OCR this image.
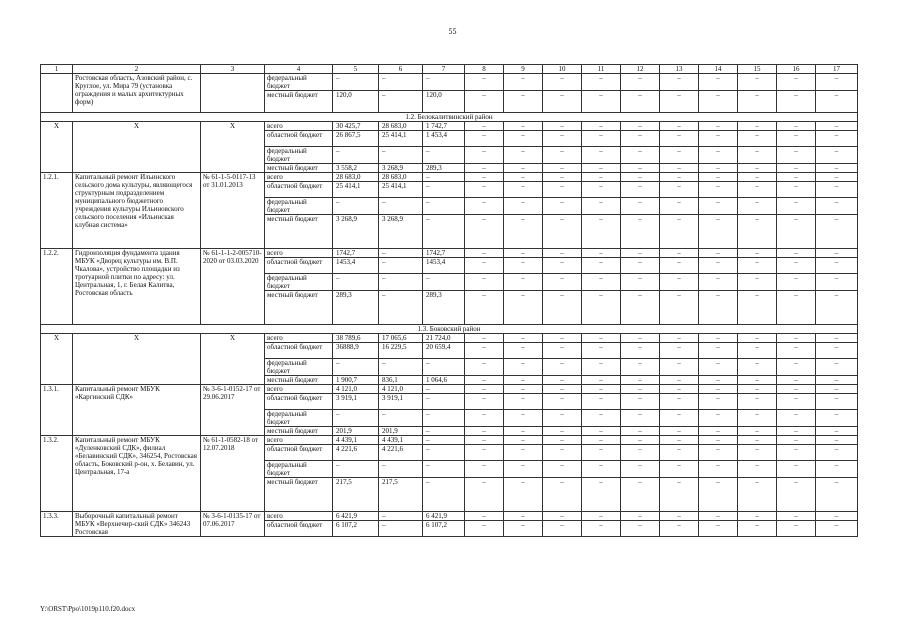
55
1	2	3	4	5	6	7	8	9	10	11	12	13	14	15	16	17
	Ростовская область, Азовский район, с. Круглое, ул. Мира 79 (установка ограждения и малых архитектурных форм)		федеральный бюджет	–	–	–	–	–	–	–	–	–	–	–	–	–
			местный бюджет	120,0	–	120,0	–	–	–	–	–	–	–	–	–	–
1.2. Белокалитвинский район																
Х	Х	Х	всего	30 425,7	28 683,0	1 742,7	–	–	–	–	–	–	–	–	–	–
			областной бюджет	26 867,5	25 414,1	1 453,4	–	–	–	–	–	–	–	–	–	–
			федеральный бюджет	–	–	–	–	–	–	–	–	–	–	–	–	–
			местный бюджет	3 558,2	3 268,9	289,3	–	–	–	–	–	–	–	–	–	–
1.2.1.	Капитальный ремонт Ильинского сельского дома культуры, являющегося структурным подразделением муниципального бюджетного учреждения культуры Ильиновского сельского поселения «Ильинская клубная система»	№ 61-1-5-0117-13 от 31.01.2013	всего	28 683,0	28 683,0	–	–	–	–	–	–	–	–	–	–	–
			областной бюджет	25 414,1	25 414,1	–	–	–	–	–	–	–	–	–	–	–
			федеральный бюджет	–	–	–	–	–	–	–	–	–	–	–	–	–
			местный бюджет	3 268,9	3 268,9	–	–	–	–	–	–	–	–	–	–	–
1.2.2.	Гидроизоляция фундамента здания МБУК «Дворец культуры им. В.П. Чкалова», устройство площадки из тротуарной плитки по адресу: ул. Центральная, 1, г. Белая Калитва, Ростовская область	№ 61-1-1-2-005710-2020 от 03.03.2020	всего	1742,7	–	1742,7	–	–	–	–	–	–	–	–	–	–
			областной бюджет	1453,4	–	1453,4	–	–	–	–	–	–	–	–	–	–
			федеральный бюджет	–	–	–	–	–	–	–	–	–	–	–	–	–
			местный бюджет	289,3	–	289,3	–	–	–	–	–	–	–	–	–	–
1.3. Боковский район																
Х	Х	Х	всего	38 789,6	17 065,6	21 724,0	–	–	–	–	–	–	–	–	–	–
			областной бюджет	36888,9	16 229,5	20 659,4	–	–	–	–	–	–	–	–	–	–
			федеральный бюджет	–	–	–	–	–	–	–	–	–	–	–	–	–
			местный бюджет	1 900,7	836,1	1 064,6	–	–	–	–	–	–	–	–	–	–
1.3.1.	Капитальный ремонт МБУК «Каргинский СДК»	№ 3-6-1-0152-17 от 29.06.2017	всего	4 121,0	4 121,0	–	–	–	–	–	–	–	–	–	–	–
			областной бюджет	3 919,1	3 919,1	–	–	–	–	–	–	–	–	–	–	–
			федеральный бюджет	–	–	–	–	–	–	–	–	–	–	–	–	–
			местный бюджет	201,9	201,9	–	–	–	–	–	–	–	–	–	–	–
1.3.2.	Капитальный ремонт МБУК «Дуленковский СДК», филиал «Белавинский СДК», 346254, Ростовская область, Боковский р-он, х. Белавин, ул. Центральная, 17-а	№ 61-1-0582-18 от 12.07.2018	всего	4 439,1	4 439,1	–	–	–	–	–	–	–	–	–	–	–
			областной бюджет	4 221,6	4 221,6	–	–	–	–	–	–	–	–	–	–	–
			федеральный бюджет	–	–	–	–	–	–	–	–	–	–	–	–	–
			местный бюджет	217,5	217,5	–	–	–	–	–	–	–	–	–	–	–
1.3.3.	Выборочный капитальный ремонт МБУК «Верхнечир-ский СДК» 346243 Ростовская	№ 3-6-1-0135-17 от 07.06.2017	всего	6 421,9	–	6 421,9	–	–	–	–	–	–	–	–	–	–
			областной бюджет	6 107,2	–	6 107,2	–	–	–	–	–	–	–	–	–	–
Y:\ORST\Ppo\1019p110.f20.docx
